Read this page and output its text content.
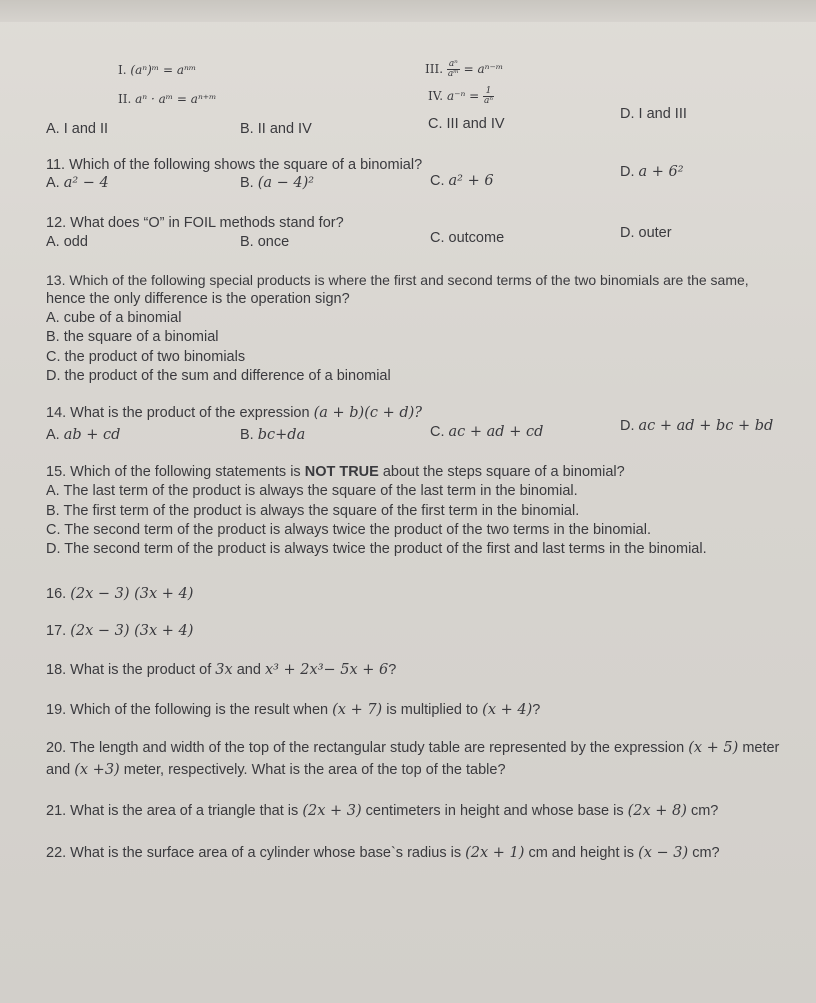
I. (aⁿ)ᵐ = aⁿᵐ	III. $\frac{\text{aⁿ}}{\text{aᵐ}}$ = aⁿ⁻ᵐ
II. aⁿ · aᵐ = aⁿ⁺ᵐ	IV. $a^{-n} = \frac{1}{\text{aⁿ}}$
A. I and II	B. II and IV	C. III and IV
D. I and III
11. Which of the following shows the square of a binomial?
A. a² − 4	B. (a − 4)²	C. a² + 6
D. a + 6²
12. What does “O” in FOIL methods stand for?
A. odd	B. once	C. outcome	D. outer
13. Which of the following special products is where the first and second terms of the two binomials are the same,
hence the only difference is the operation sign?
A. cube of a binomial
B. the square of a binomial
C. the product of two binomials
D. the product of the sum and difference of a binomial
14. What is the product of the expression (a + b)(c + d)?
A. ab + cd	B. bc+da	C. ac + ad + cd	D. ac + ad + bc + bd
15. Which of the following statements is NOT TRUE about the steps square of a binomial?
A. The last term of the product is always the square of the last term in the binomial.
B. The first term of the product is always the square of the first term in the binomial.
C. The second term of the product is always twice the product of the two terms in the binomial.
D. The second term of the product is always twice the product of the first and last terms in the binomial.
16. (2x − 3) (3x + 4)
17. (2x − 3) (3x + 4)
18. What is the product of 3x and x³ + 2x³− 5x + 6?
19. Which of the following is the result when (x + 7) is multiplied to (x + 4)?
20. The length and width of the top of the rectangular study table are represented by the expression (x + 5) meter
and (x +3) meter, respectively. What is the area of the top of the table?
21. What is the area of a triangle that is (2x + 3) centimeters in height and whose base is (2x + 8) cm?
22. What is the surface area of a cylinder whose base`s radius is (2x + 1) cm and height is (x − 3) cm?
